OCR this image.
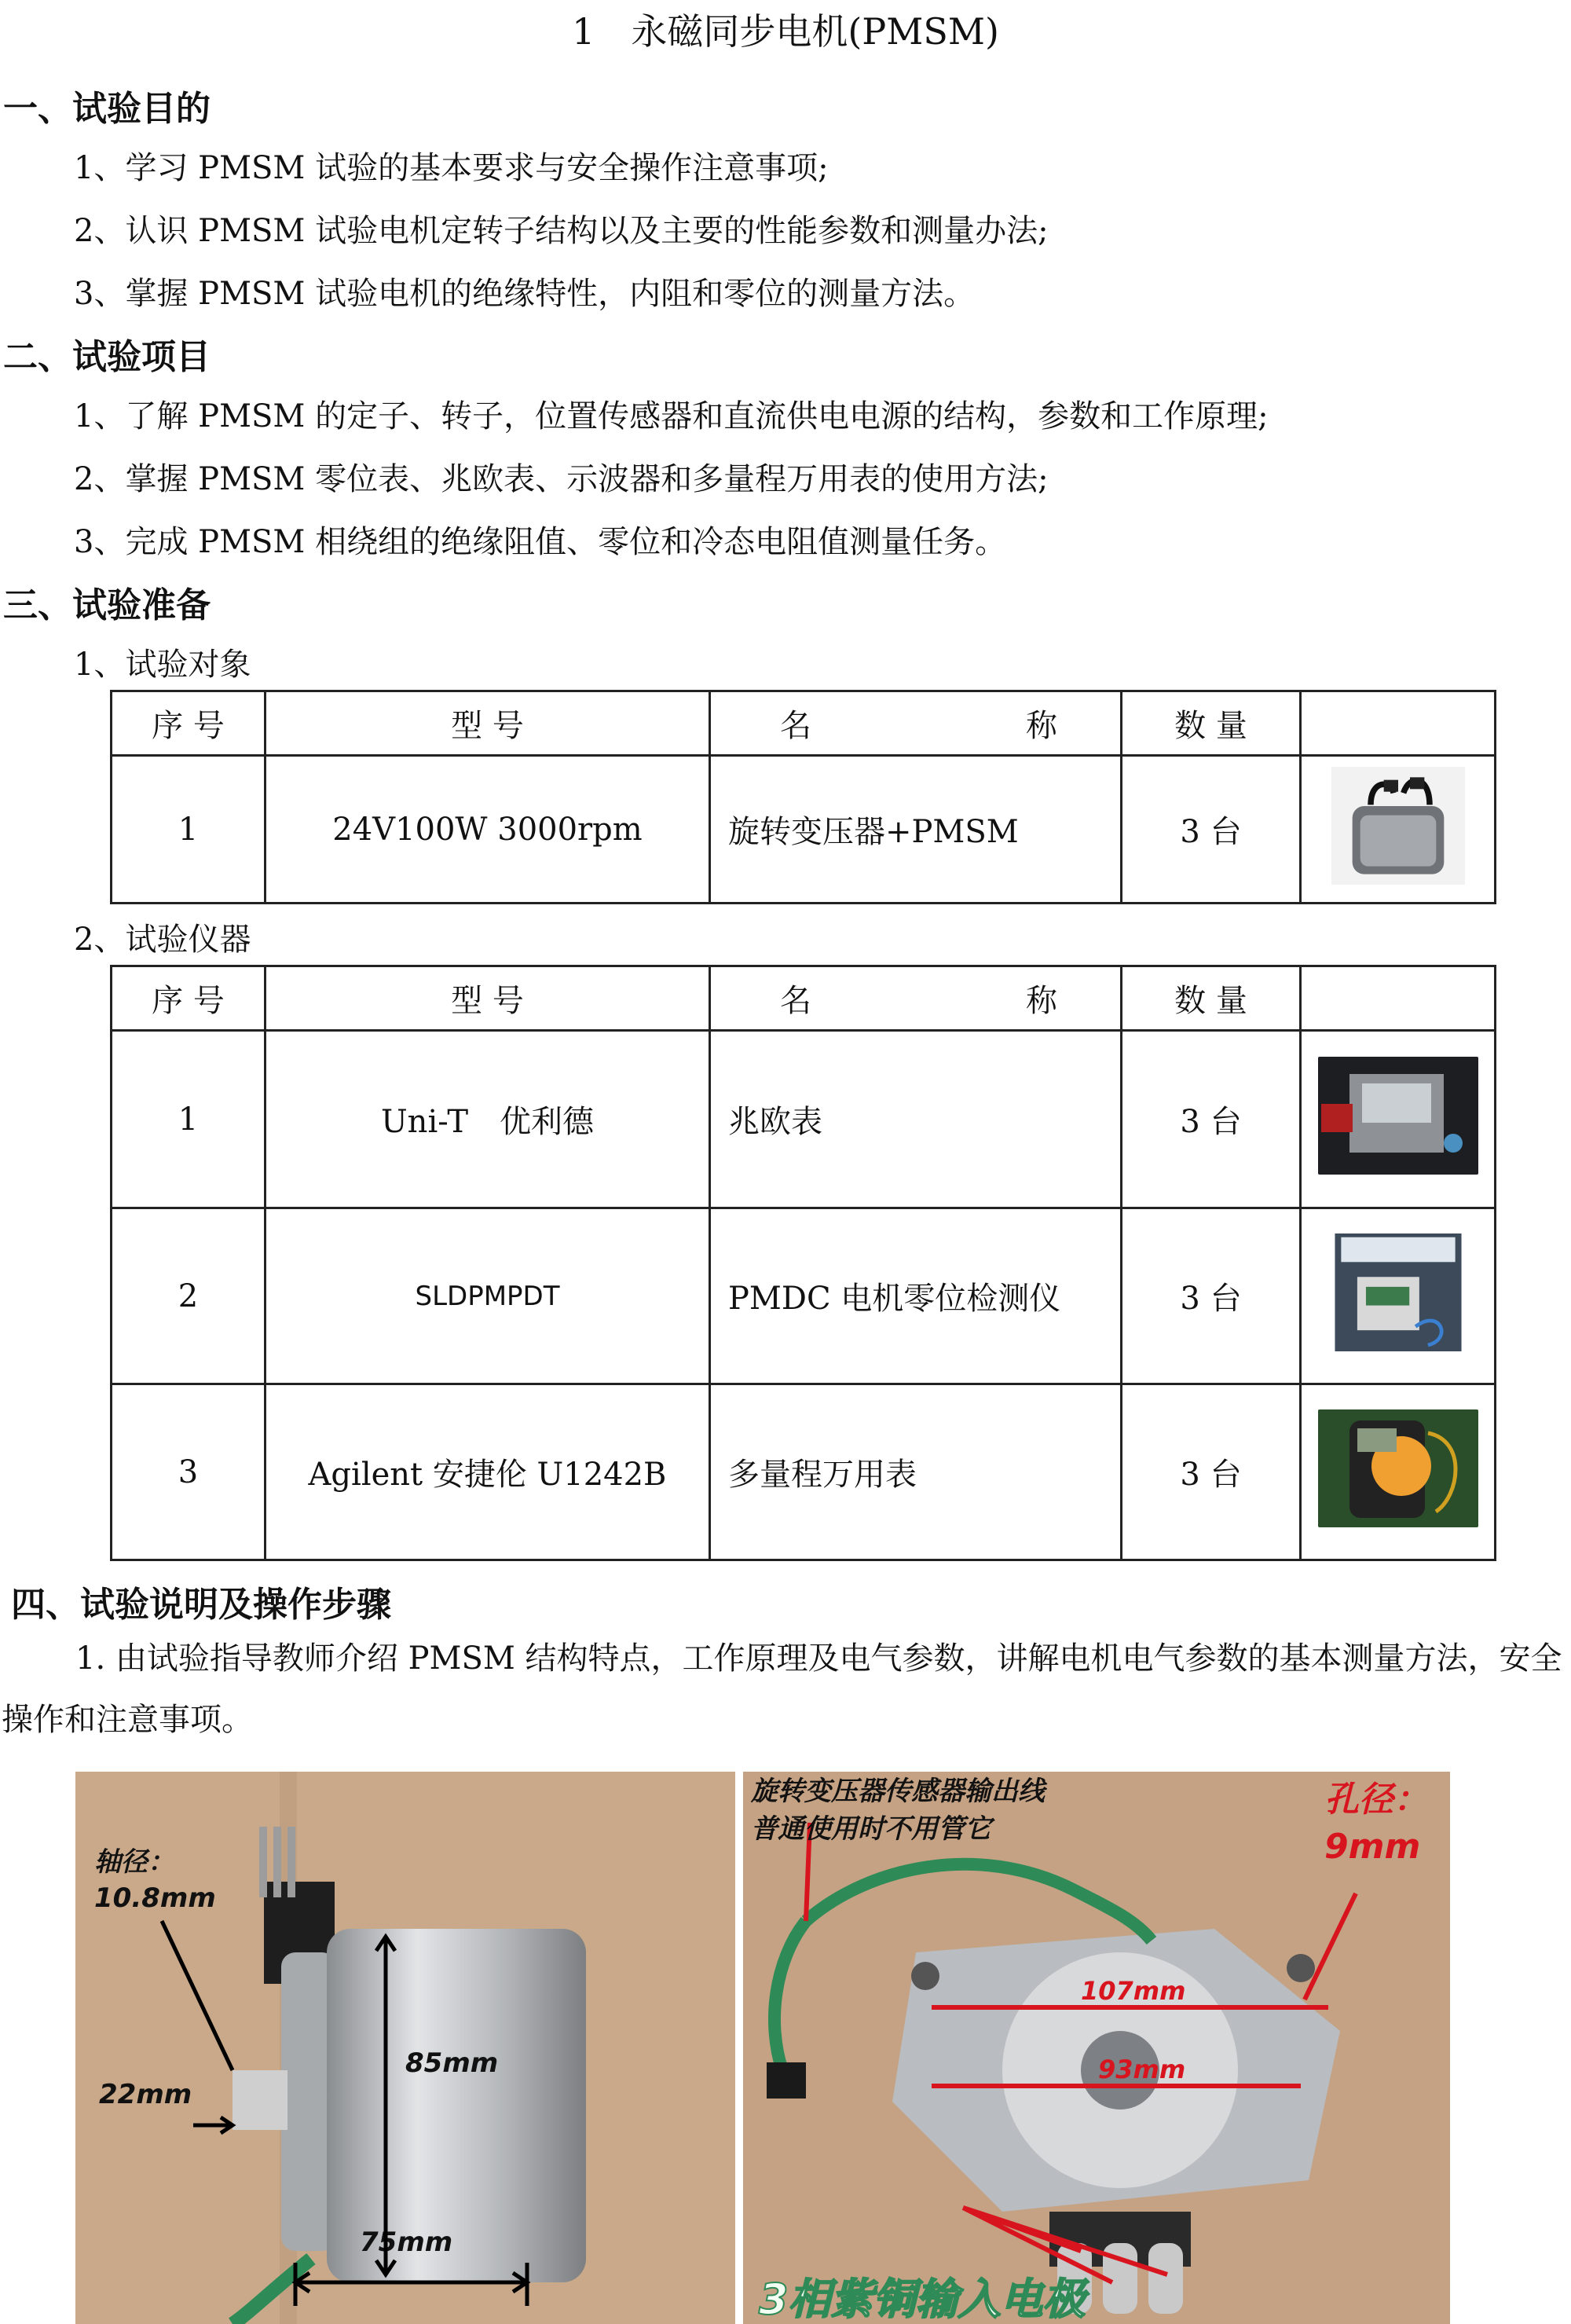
1　永磁同步电机(PMSM)
一、试验目的
1、学习 PMSM 试验的基本要求与安全操作注意事项;
2、认识 PMSM 试验电机定转子结构以及主要的性能参数和测量办法;
3、掌握 PMSM 试验电机的绝缘特性，内阻和零位的测量方法。
二、试验项目
1、了解 PMSM 的定子、转子，位置传感器和直流供电电源的结构，参数和工作原理;
2、掌握 PMSM 零位表、兆欧表、示波器和多量程万用表的使用方法;
3、完成 PMSM 相绕组的绝缘阻值、零位和冷态电阻值测量任务。
三、试验准备
1、试验对象
序 号	型 号	名 称	数 量	
1	24V100W 3000rpm	旋转变压器+PMSM	3 台	
2、试验仪器
序 号	型 号	名 称	数 量	
1	Uni-T　优利德	兆欧表	3 台	
2	SLDPMPDT	PMDC 电机零位检测仪	3 台	
3	Agilent 安捷伦 U1242B	多量程万用表	3 台	
四、试验说明及操作步骤
1. 由试验指导教师介绍 PMSM 结构特点，工作原理及电气参数，讲解电机电气参数的基本测量方法，安全操作和注意事项。
轴径：
10.8mm
22mm
85mm
75mm
旋转变压器传感器输出线
普通使用时不用管它
孔径：
9mm
107mm
93mm
3相紫铜输入电极
